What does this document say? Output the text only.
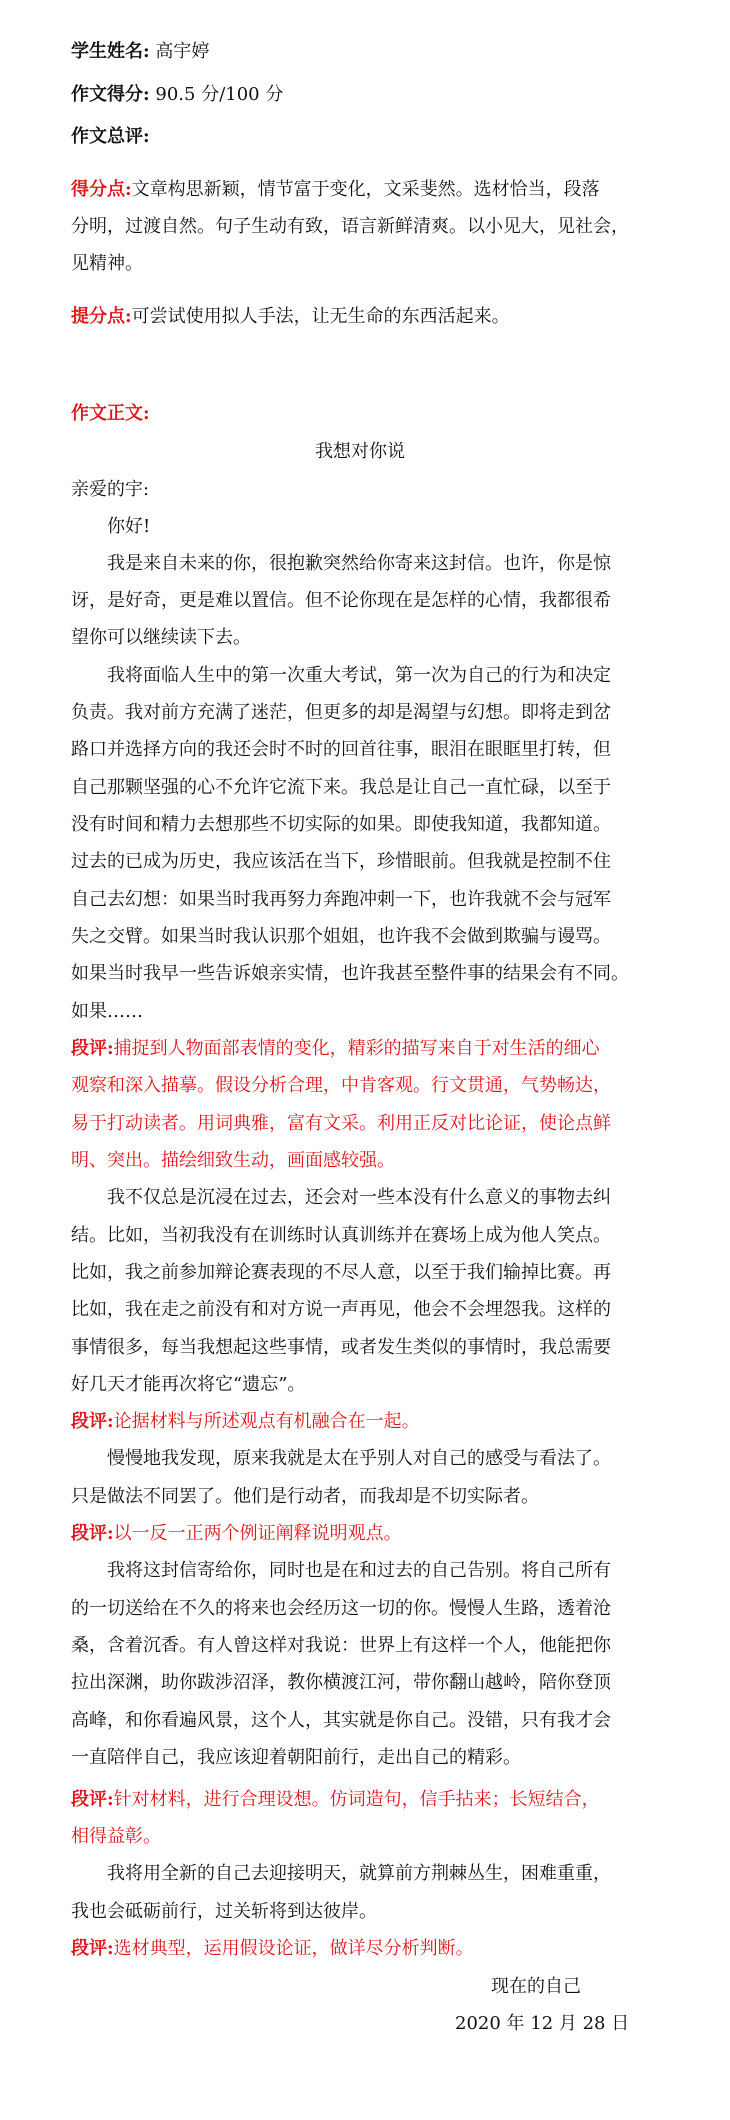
学生姓名: 高宇婷
作文得分: 90.5 分/100 分
作文总评:
得分点:文章构思新颖，情节富于变化，文采斐然。选材恰当，段落
分明，过渡自然。句子生动有致，语言新鲜清爽。以小见大，见社会，
见精神。
提分点:可尝试使用拟人手法，让无生命的东西活起来。
作文正文:
我想对你说
亲爱的宇:
你好!
我是来自未来的你，很抱歉突然给你寄来这封信。也许，你是惊
讶，是好奇，更是难以置信。但不论你现在是怎样的心情，我都很希
望你可以继续读下去。
我将面临人生中的第一次重大考试，第一次为自己的行为和决定
负责。我对前方充满了迷茫，但更多的却是渴望与幻想。即将走到岔
路口并选择方向的我还会时不时的回首往事，眼泪在眼眶里打转，但
自己那颗坚强的心不允许它流下来。我总是让自己一直忙碌，以至于
没有时间和精力去想那些不切实际的如果。即使我知道，我都知道。
过去的已成为历史，我应该活在当下，珍惜眼前。但我就是控制不住
自己去幻想：如果当时我再努力奔跑冲刺一下，也许我就不会与冠军
失之交臂。如果当时我认识那个姐姐，也许我不会做到欺骗与谩骂。
如果当时我早一些告诉娘亲实情，也许我甚至整件事的结果会有不同。
如果……
段评:捕捉到人物面部表情的变化，精彩的描写来自于对生活的细心
观察和深入描摹。假设分析合理，中肯客观。行文贯通，气势畅达，
易于打动读者。用词典雅，富有文采。利用正反对比论证，使论点鲜
明、突出。描绘细致生动，画面感较强。
我不仅总是沉浸在过去，还会对一些本没有什么意义的事物去纠
结。比如，当初我没有在训练时认真训练并在赛场上成为他人笑点。
比如，我之前参加辩论赛表现的不尽人意，以至于我们输掉比赛。再
比如，我在走之前没有和对方说一声再见，他会不会埋怨我。这样的
事情很多，每当我想起这些事情，或者发生类似的事情时，我总需要
好几天才能再次将它“遗忘”。
段评:论据材料与所述观点有机融合在一起。
慢慢地我发现，原来我就是太在乎别人对自己的感受与看法了。
只是做法不同罢了。他们是行动者，而我却是不切实际者。
段评:以一反一正两个例证阐释说明观点。
我将这封信寄给你，同时也是在和过去的自己告别。将自己所有
的一切送给在不久的将来也会经历这一切的你。慢慢人生路，透着沧
桑，含着沉香。有人曾这样对我说：世界上有这样一个人，他能把你
拉出深渊，助你跋涉沼泽，教你横渡江河，带你翻山越岭，陪你登顶
高峰，和你看遍风景，这个人，其实就是你自己。没错，只有我才会
一直陪伴自己，我应该迎着朝阳前行，走出自己的精彩。
段评:针对材料，进行合理设想。仿词造句，信手拈来；长短结合，
相得益彰。
我将用全新的自己去迎接明天，就算前方荆棘丛生，困难重重，
我也会砥砺前行，过关斩将到达彼岸。
段评:选材典型，运用假设论证，做详尽分析判断。
现在的自己
2020 年 12 月 28 日
